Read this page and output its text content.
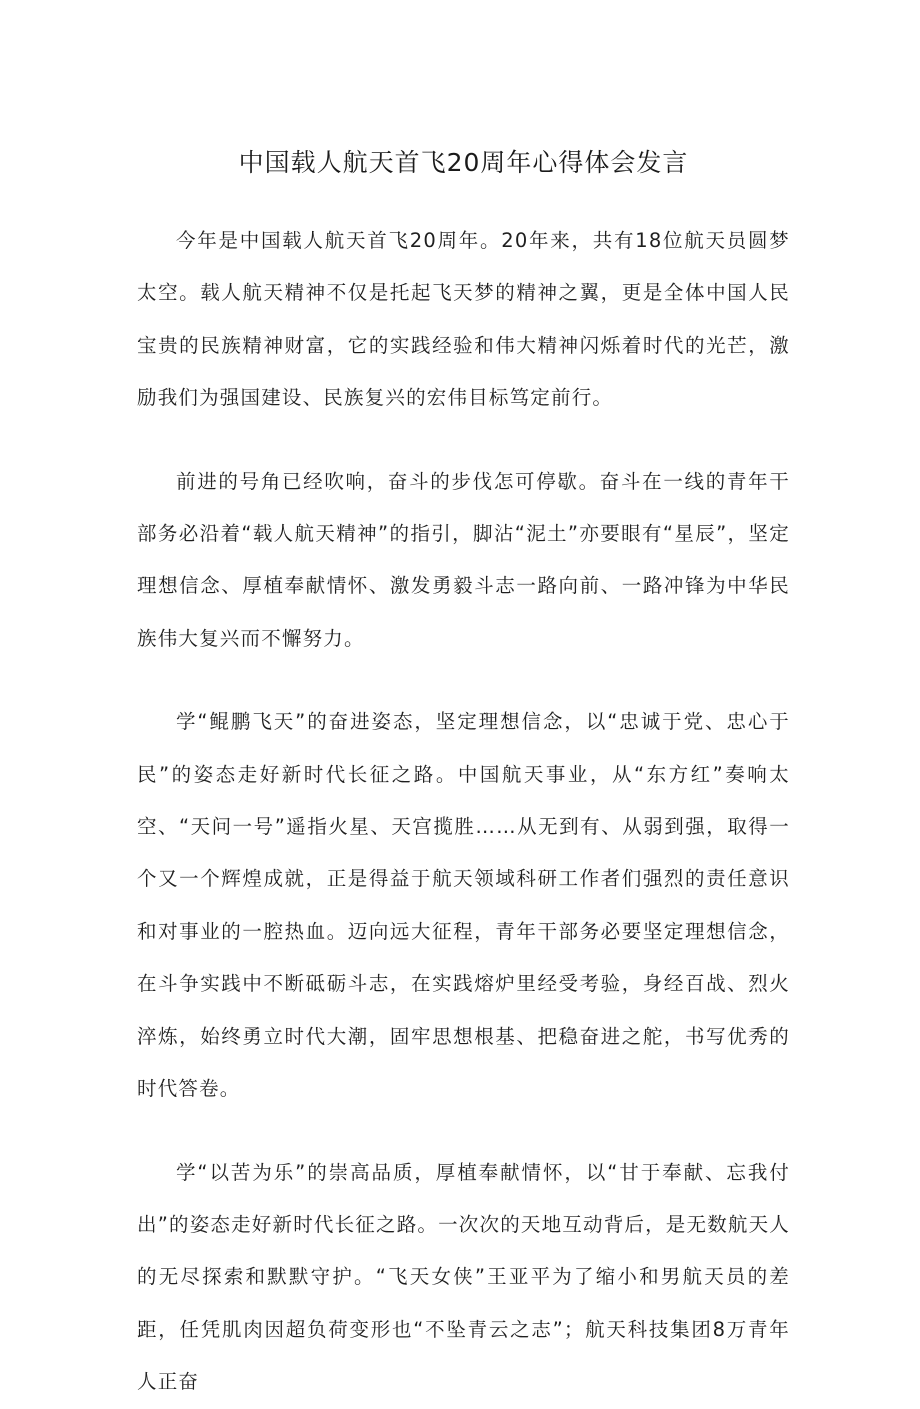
中国载人航天首飞20周年心得体会发言

今年是中国载人航天首飞20周年。20年来，共有18位航天员圆梦太空。载人航天精神不仅是托起飞天梦的精神之翼，更是全体中国人民宝贵的民族精神财富，它的实践经验和伟大精神闪烁着时代的光芒，激励我们为强国建设、民族复兴的宏伟目标笃定前行。

前进的号角已经吹响，奋斗的步伐怎可停歇。奋斗在一线的青年干部务必沿着“载人航天精神”的指引，脚沾“泥土”亦要眼有“星辰”，坚定理想信念、厚植奉献情怀、激发勇毅斗志一路向前、一路冲锋为中华民族伟大复兴而不懈努力。

学“鲲鹏飞天”的奋进姿态，坚定理想信念，以“忠诚于党、忠心于民”的姿态走好新时代长征之路。中国航天事业，从“东方红”奏响太空、“天问一号”遥指火星、天宫揽胜……从无到有、从弱到强，取得一个又一个辉煌成就，正是得益于航天领域科研工作者们强烈的责任意识和对事业的一腔热血。迈向远大征程，青年干部务必要坚定理想信念，在斗争实践中不断砥砺斗志，在实践熔炉里经受考验，身经百战、烈火淬炼，始终勇立时代大潮，固牢思想根基、把稳奋进之舵，书写优秀的时代答卷。

学“以苦为乐”的崇高品质，厚植奉献情怀，以“甘于奉献、忘我付出”的姿态走好新时代长征之路。一次次的天地互动背后，是无数航天人的无尽探索和默默守护。“飞天女侠”王亚平为了缩小和男航天员的差距，任凭肌肉因超负荷变形也“不坠青云之志”；航天科技集团8万青年人正奋
